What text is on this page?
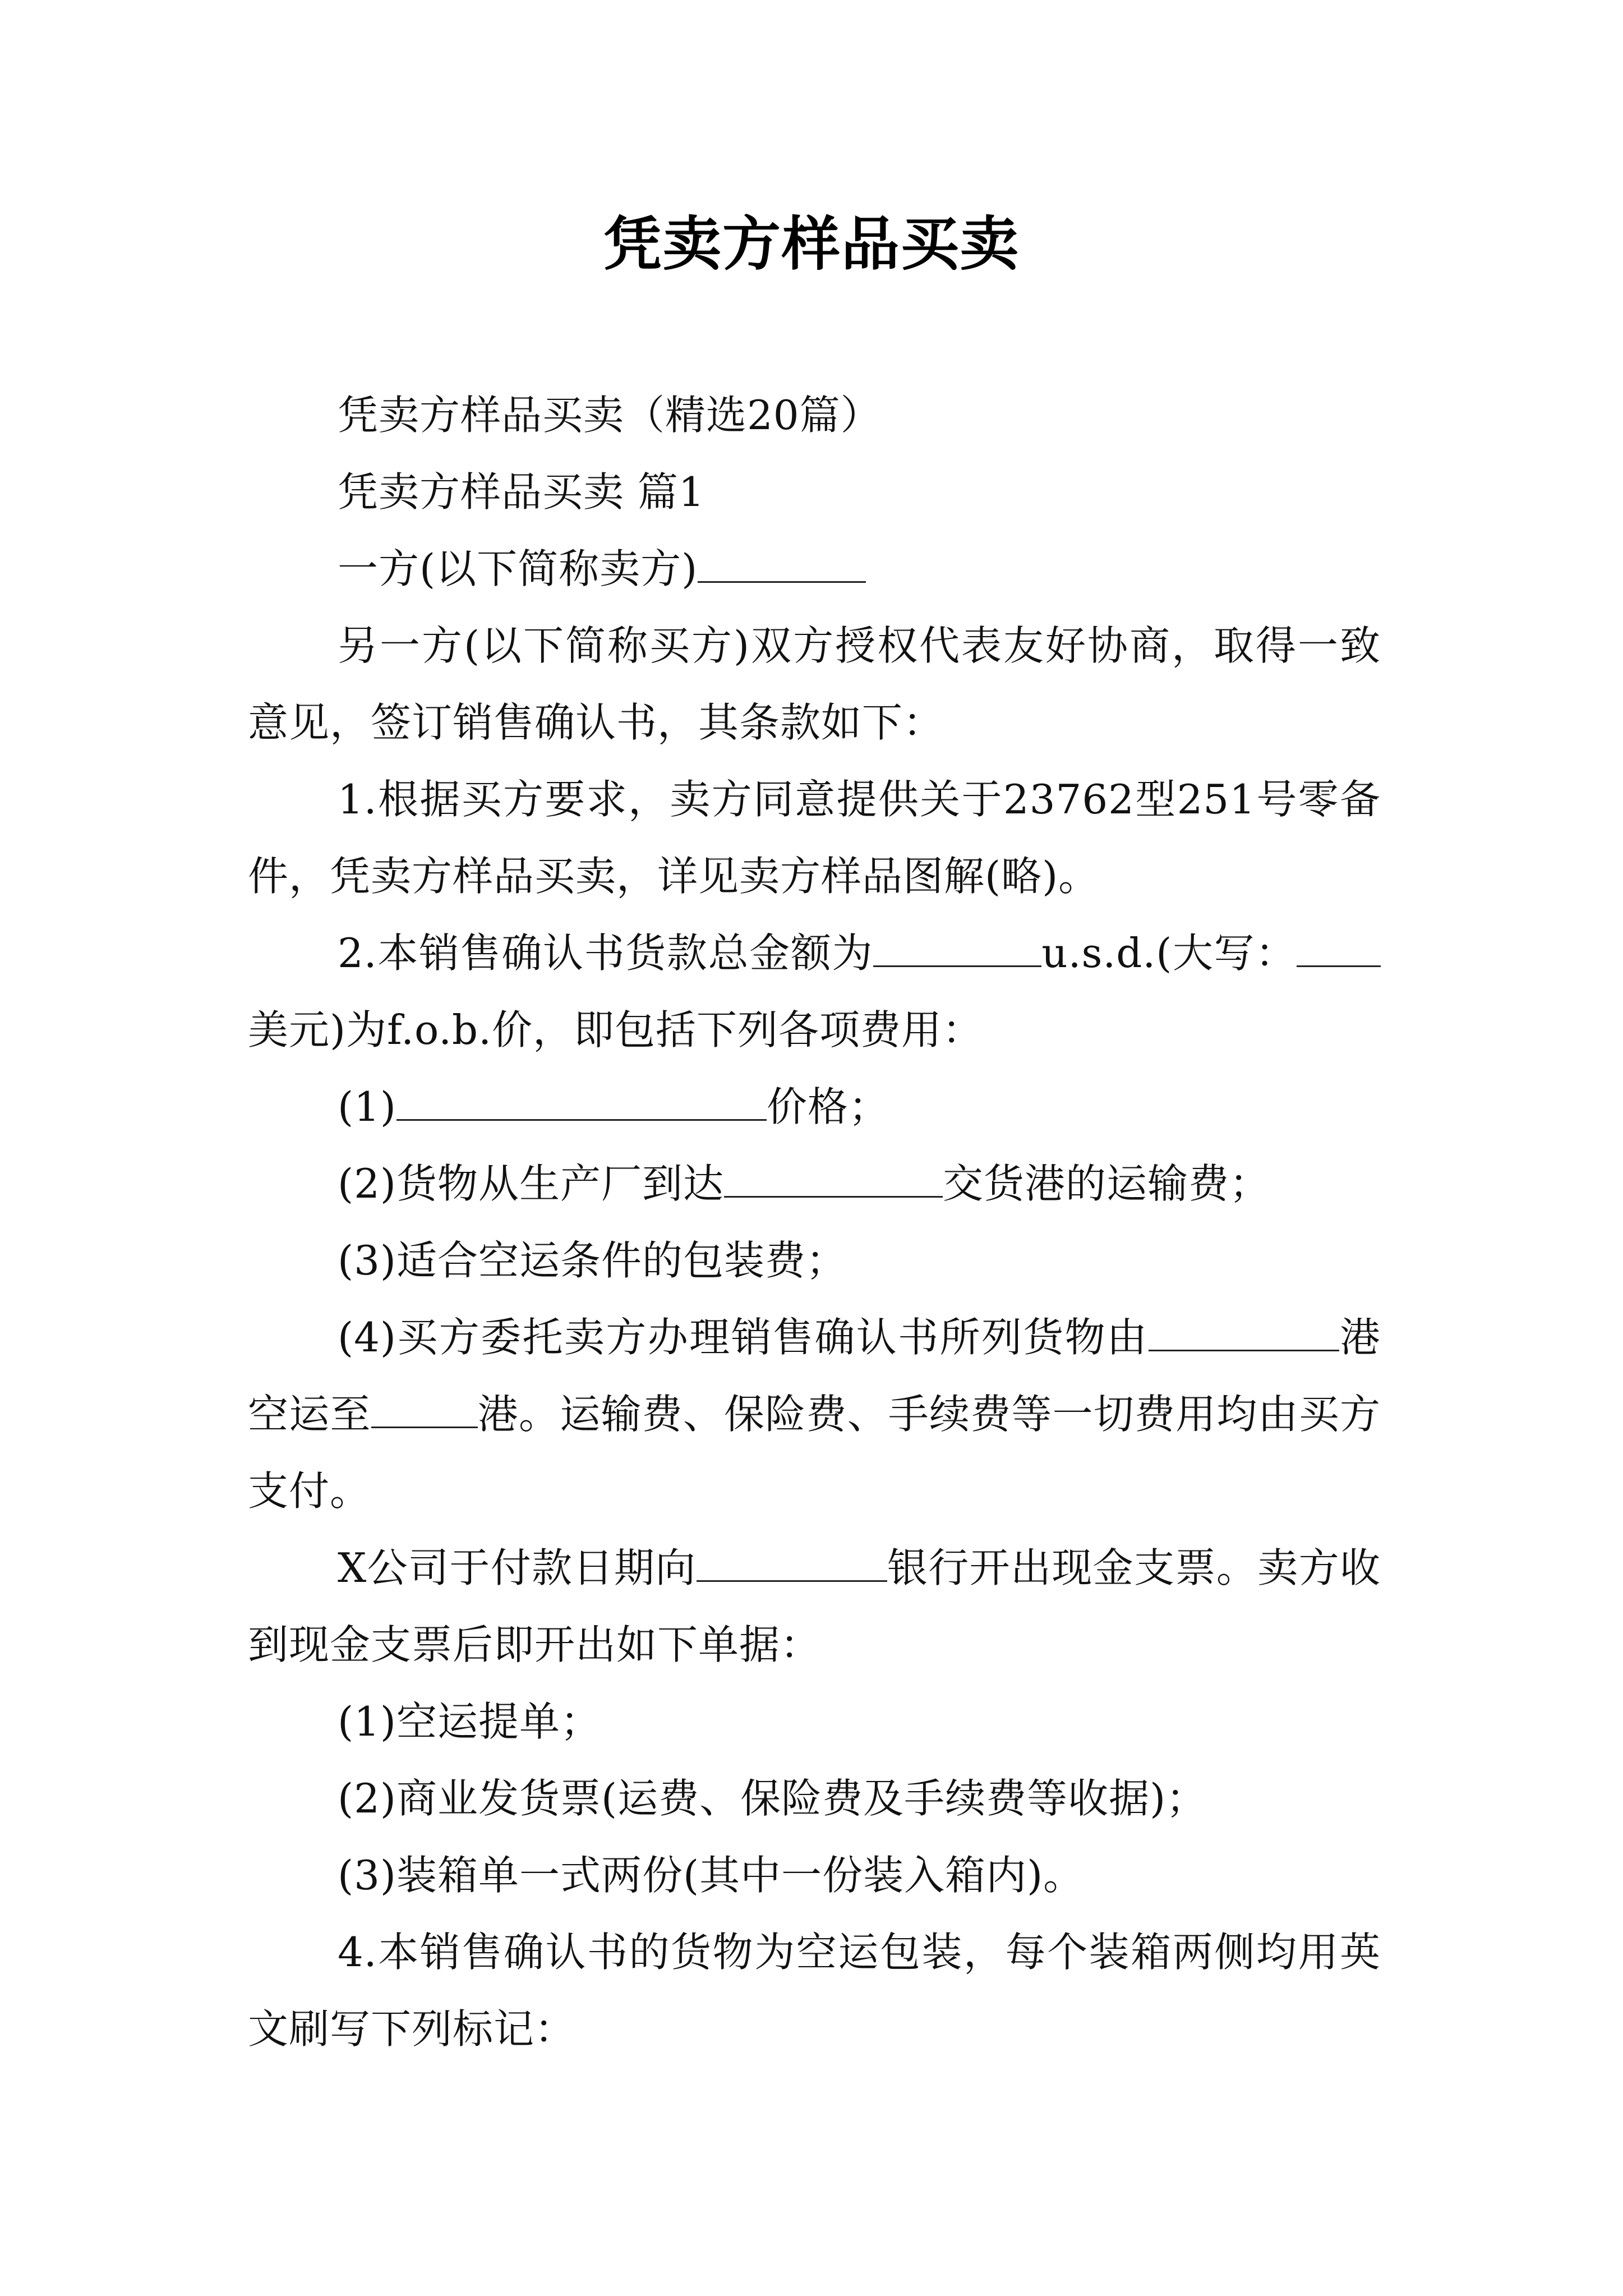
凭卖方样品买卖

凭卖方样品买卖（精选20篇）

凭卖方样品买卖 篇1

一方(以下简称卖方)

另一方(以下简称买方)双方授权代表友好协商，取得一致意见，签订销售确认书，其条款如下：

1.根据买方要求，卖方同意提供关于23762型251号零备件，凭卖方样品买卖，详见卖方样品图解(略)。

2.本销售确认书货款总金额为	u.s.d.(大写：美元)为f.o.b.价，即包括下列各项费用：

(1)	价格；

(2)货物从生产厂到达	交货港的运输费；

(3)适合空运条件的包装费；

(4)买方委托卖方办理销售确认书所列货物由	港空运至	港。运输费、保险费、手续费等一切费用均由买方支付。

X公司于付款日期向	银行开出现金支票。卖方收到现金支票后即开出如下单据：

(1)空运提单；

(2)商业发货票(运费、保险费及手续费等收据)；

(3)装箱单一式两份(其中一份装入箱内)。

4.本销售确认书的货物为空运包装，每个装箱两侧均用英文刷写下列标记：
